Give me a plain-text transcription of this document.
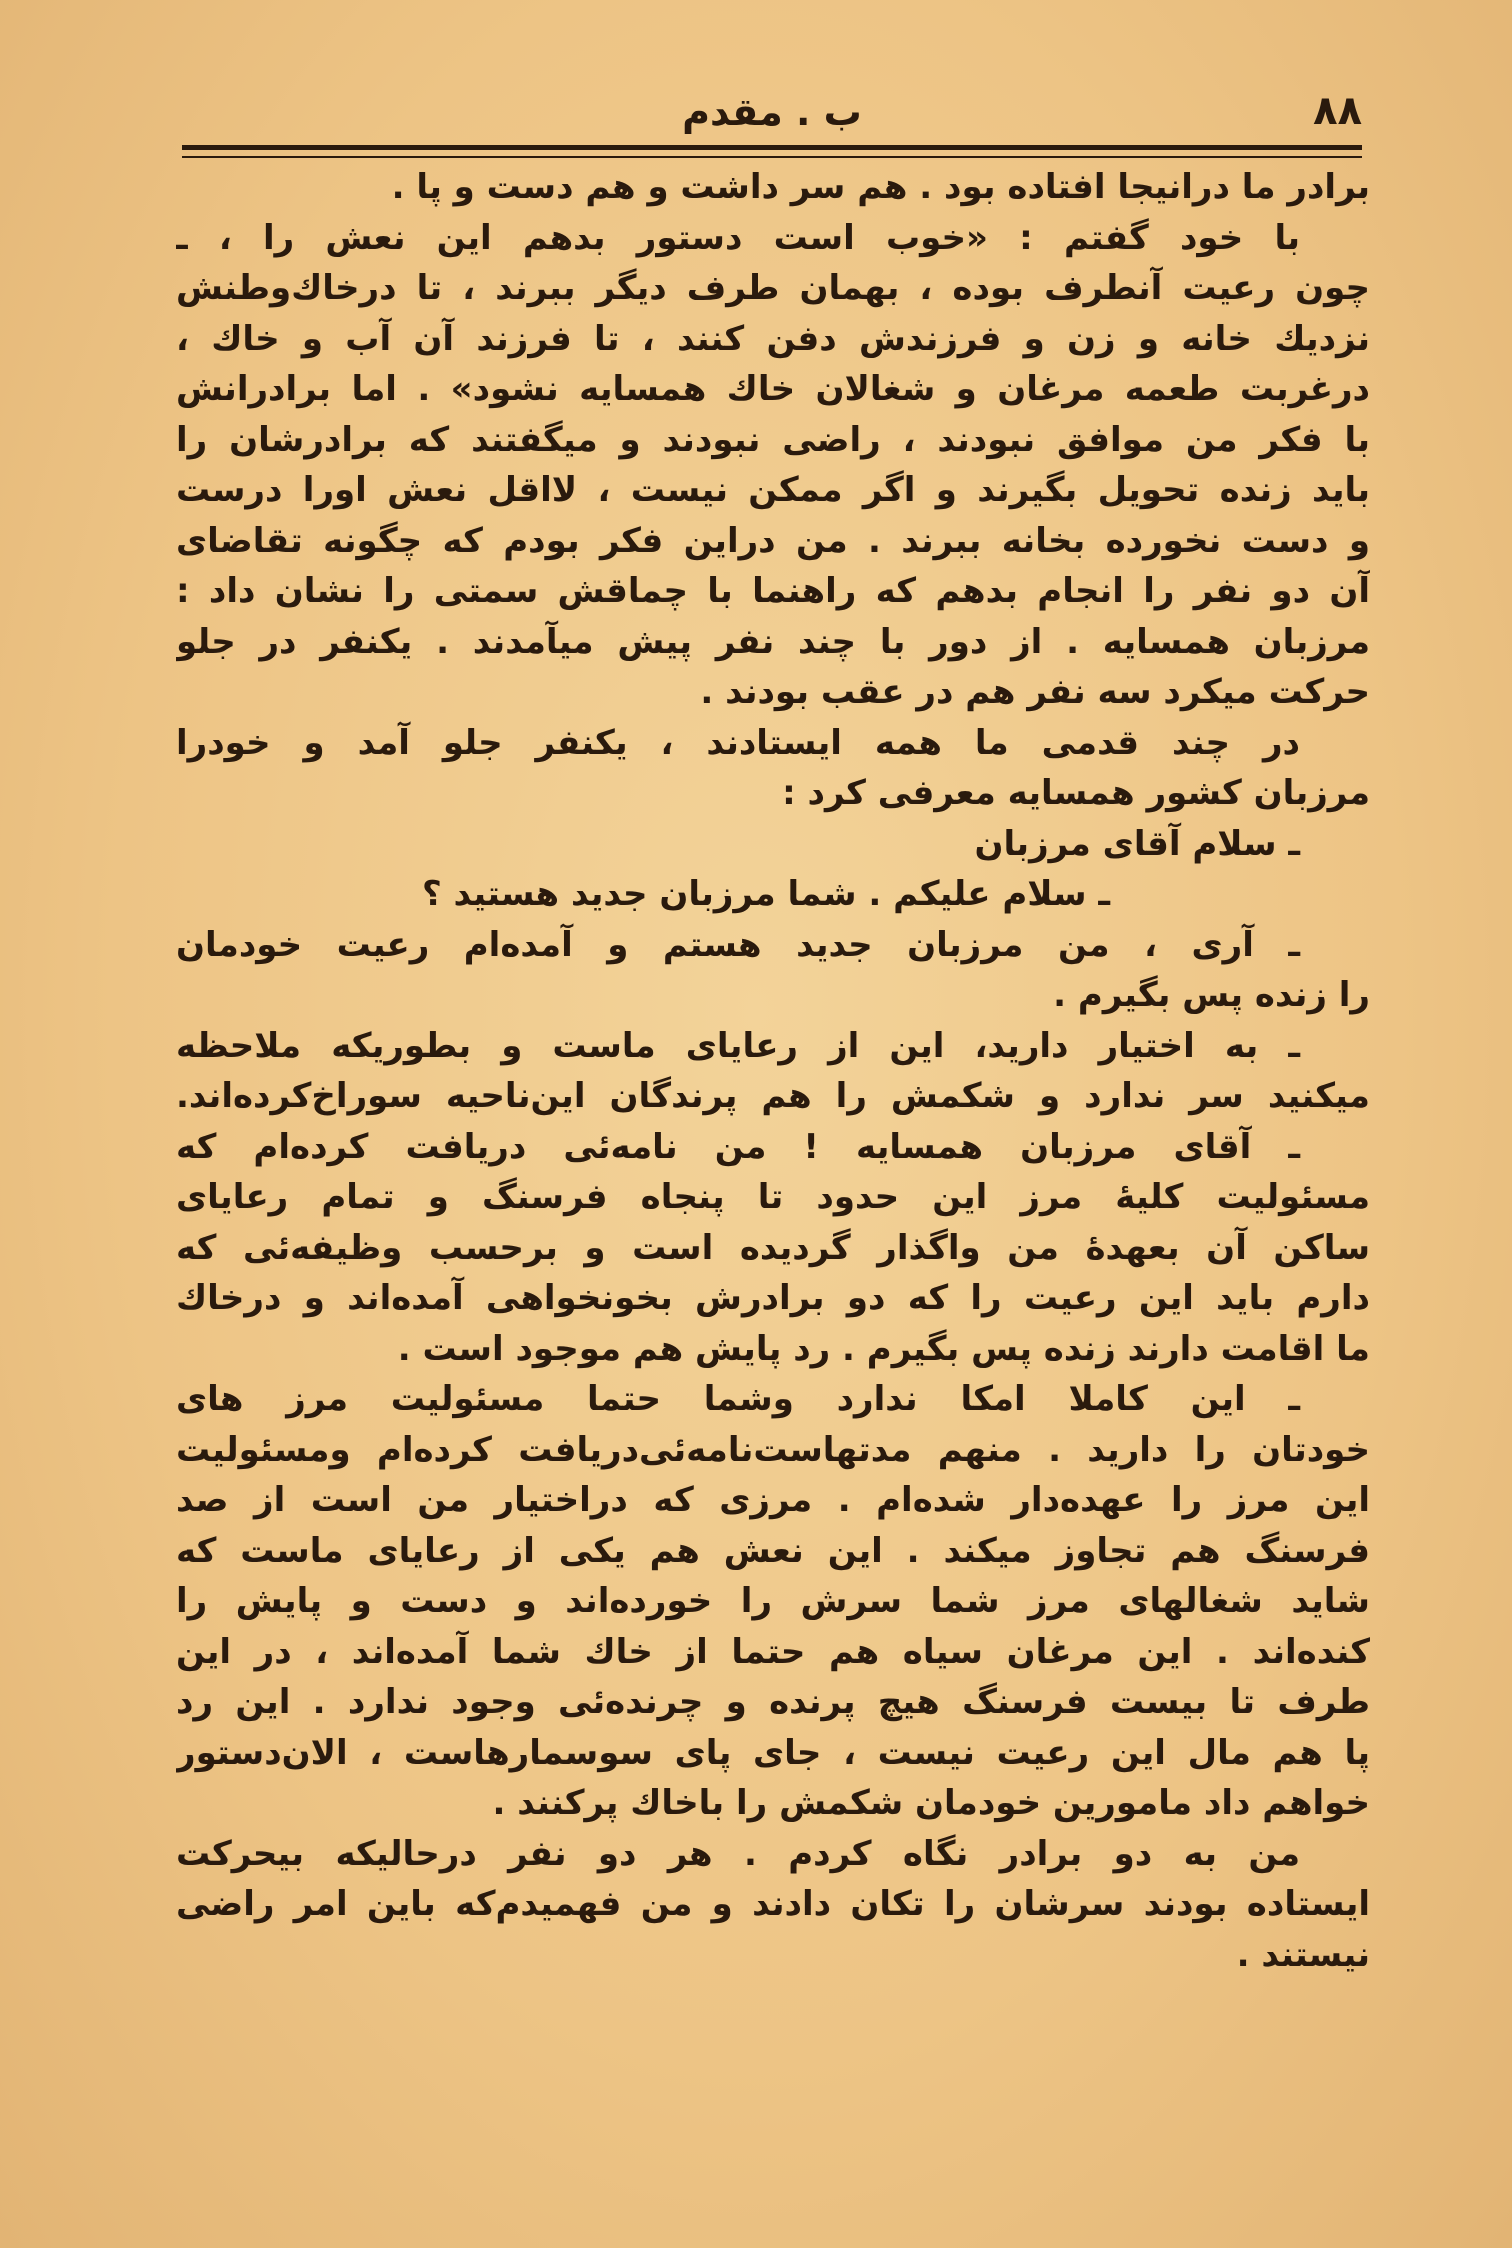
۸۸
ب . مقدم
برادر ما درانیجا افتاده بود . هم سر داشت و هم دست و پا .
با خود گفتم : «خوب است دستور بدهم این نعش را ، ـ
چون رعیت آنطرف بوده ، بهمان طرف دیگر ببرند ، تا درخاك‌وطنش
نزدیك خانه و زن و فرزندش دفن کنند ، تا فرزند آن آب و خاك ،
درغربت طعمه مرغان و شغالان خاك همسایه نشود» . اما برادرانش
با فکر من موافق نبودند ، راضی نبودند و میگفتند که برادرشان را
باید زنده تحویل بگیرند و اگر ممکن نیست ، لااقل نعش اورا درست
و دست نخورده بخانه ببرند . من دراین فکر بودم که چگونه تقاضای
آن دو نفر را انجام بدهم که راهنما با چماقش سمتی را نشان داد :
مرزبان همسایه . از دور با چند نفر پیش میآمدند . یکنفر در جلو
حرکت میکرد سه نفر هم در عقب بودند .
در چند قدمی ما همه ایستادند ، یکنفر جلو آمد و خودرا
مرزبان کشور همسایه معرفی کرد :
ـ سلام آقای مرزبان
ـ سلام علیکم . شما مرزبان جدید هستید ؟
ـ آری ، من مرزبان جدید هستم و آمده‌ام رعیت خودمان
را زنده پس بگیرم .
ـ به اختیار دارید، این از رعایای ماست و بطوریکه ملاحظه
میکنید سر ندارد و شکمش را هم پرندگان این‌ناحیه سوراخ‌کرده‌اند.
ـ آقای مرزبان همسایه ! من نامه‌ئی دریافت کرده‌ام که
مسئولیت کلیهٔ مرز این حدود تا پنجاه فرسنگ و تمام رعایای
ساکن آن بعهدهٔ من واگذار گردیده است و برحسب وظیفه‌ئی که
دارم باید این رعیت را که دو برادرش بخونخواهی آمده‌اند و درخاك
ما اقامت دارند زنده پس بگیرم . رد پایش هم موجود است .
ـ این کاملا امکا ندارد وشما حتما مسئولیت مرز های
خودتان را دارید . منهم مدتهاست‌نامه‌ئی‌دریافت کرده‌ام ومسئولیت
این مرز را عهده‌دار شده‌ام . مرزی که دراختیار من است از صد
فرسنگ هم تجاوز میکند . این نعش هم یکی از رعایای ماست که
شاید شغالهای مرز شما سرش را خورده‌اند و دست و پایش را
کنده‌اند . این مرغان سیاه هم حتما از خاك شما آمده‌اند ، در این
طرف تا بیست فرسنگ هیچ پرنده و چرنده‌ئی وجود ندارد . این رد
پا هم مال این رعیت نیست ، جای پای سوسمارهاست ، الان‌دستور
خواهم داد مامورین خودمان شکمش را باخاك پرکنند .
من به دو برادر نگاه کردم . هر دو نفر درحالیکه بیحرکت
ایستاده بودند سرشان را تکان دادند و من فهمیدم‌که باین امر راضی
نیستند .
